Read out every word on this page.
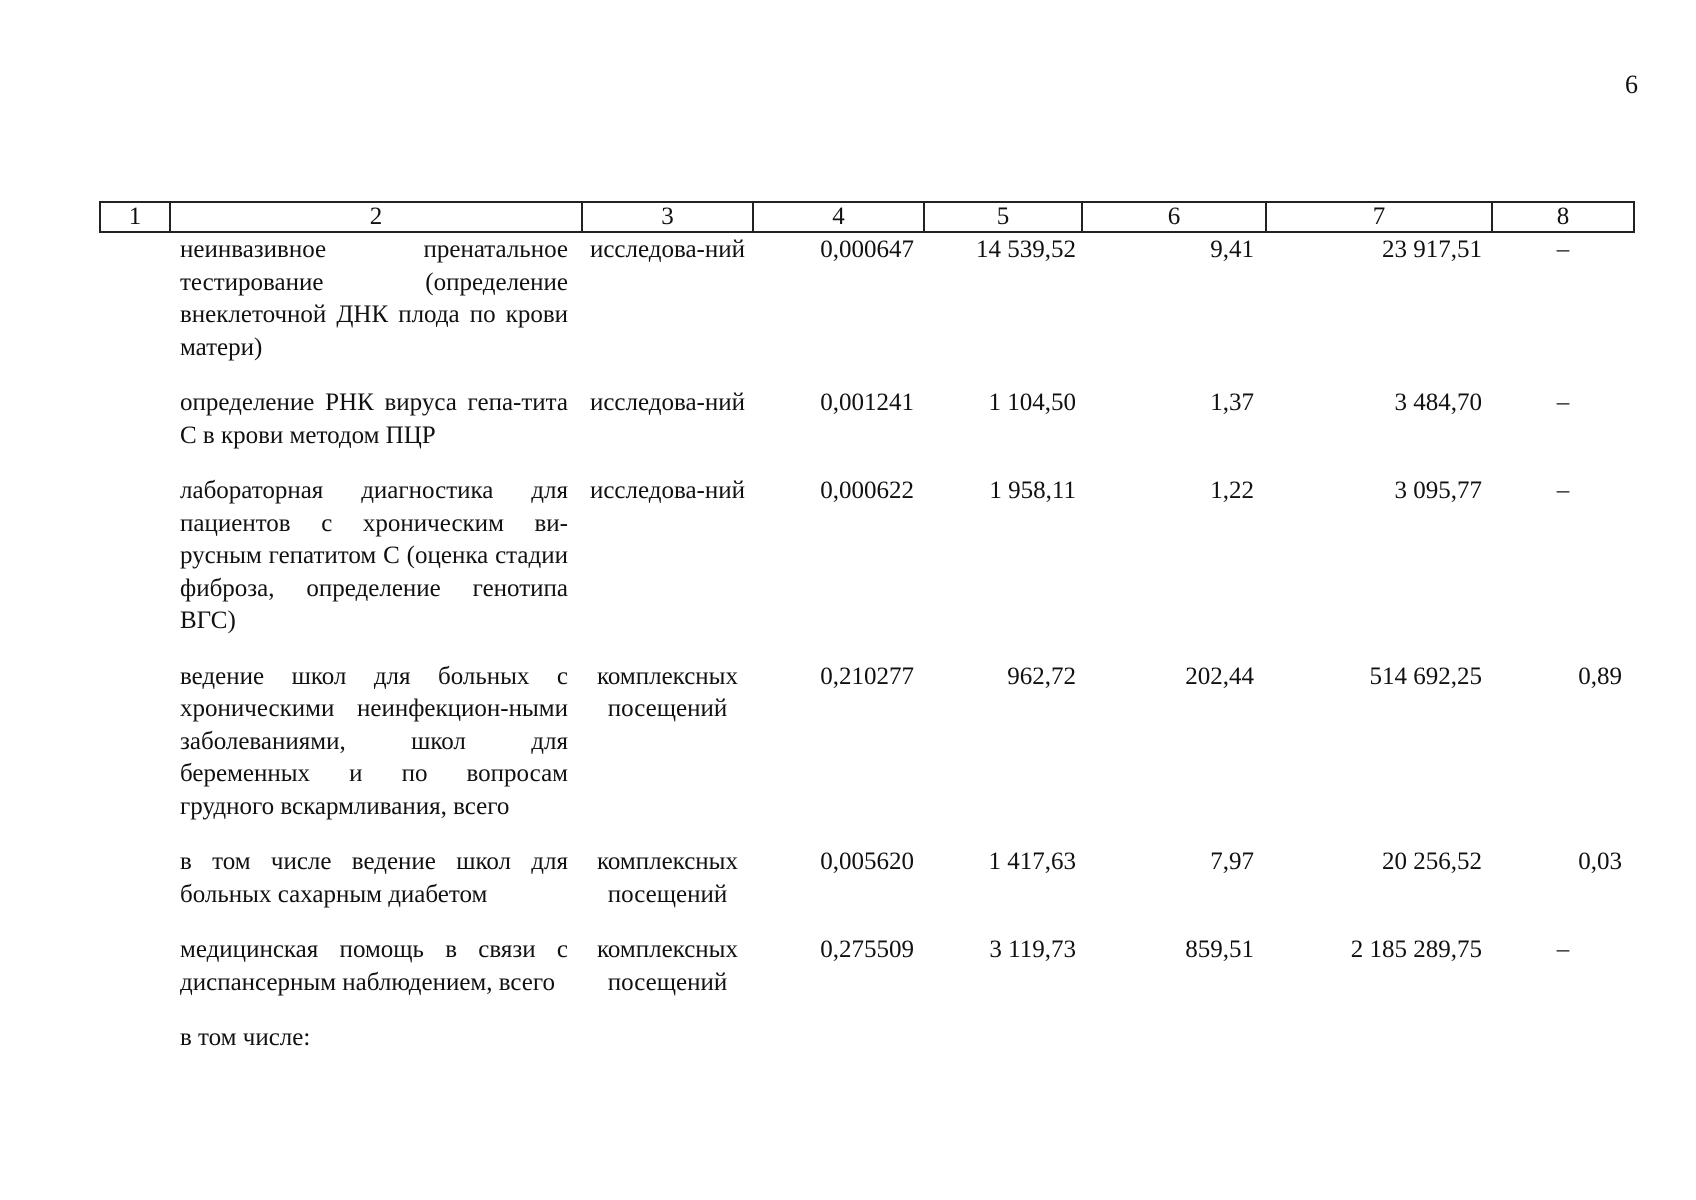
6
1	2	3	4	5	6	7	8

	неинвазивное пренатальное тестирование (определение внеклеточной ДНК плода по крови матери)	исследова-ний	0,000647	14 539,52	9,41	23 917,51	–

	определение РНК вируса гепа-тита С в крови методом ПЦР	исследова-ний	0,001241	1 104,50	1,37	3 484,70	–

	лабораторная диагностика для пациентов с хроническим ви-русным гепатитом С (оценка стадии фиброза, определение генотипа ВГС)	исследова-ний	0,000622	1 958,11	1,22	3 095,77	–

	ведение школ для больных с хроническими неинфекцион-ными заболеваниями, школ для беременных и по вопросам грудного вскармливания, всего	комплексных посещений	0,210277	962,72	202,44	514 692,25	0,89

	в том числе ведение школ для больных сахарным диабетом	комплексных посещений	0,005620	1 417,63	7,97	20 256,52	0,03

	медицинская помощь в связи с диспансерным наблюдением, всего	комплексных посещений	0,275509	3 119,73	859,51	2 185 289,75	–

	в том числе:						
